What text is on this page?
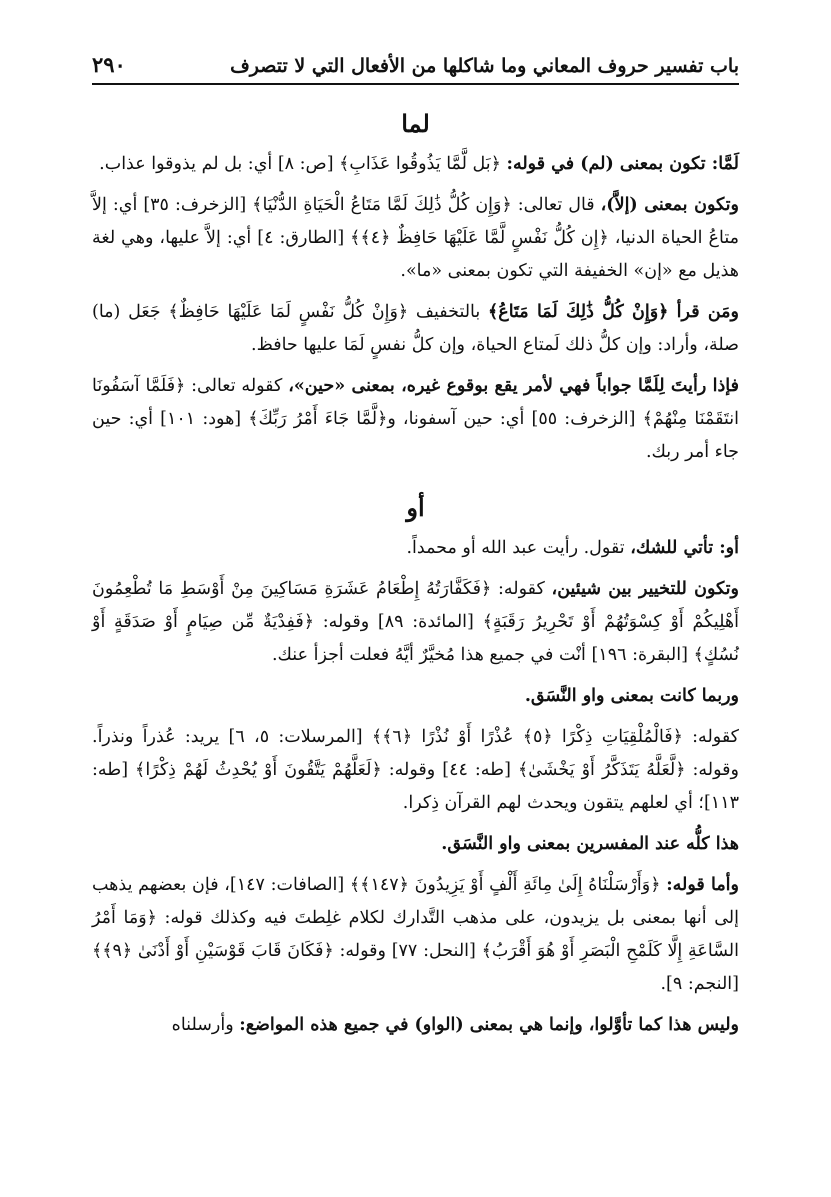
باب تفسير حروف المعاني وما شاكلها من الأفعال التي لا تتصرف
٢٩٠
لما

لَمَّا: تكون بمعنى (لم) في قوله: ﴿بَل لَّمَّا يَذُوقُوا عَذَابِ﴾ [ص: ٨] أي: بل لم يذوقوا عذاب.

وتكون بمعنى (إلاَّ)، قال تعالى: ﴿وَإِن كُلُّ ذَٰلِكَ لَمَّا مَتَاعُ الْحَيَاةِ الدُّنْيَا﴾ [الزخرف: ٣٥] أي: إلاَّ متاعُ الحياة الدنيا، ﴿إِن كُلُّ نَفْسٍ لَّمَّا عَلَيْهَا حَافِظٌ ﴿٤﴾﴾ [الطارق: ٤] أي: إلاَّ عليها، وهي لغة هذيل مع «إن» الخفيفة التي تكون بمعنى «ما».

ومَن قرأ ﴿وَإِنْ كُلُّ ذَٰلِكَ لَمَا مَتَاعُ﴾ بالتخفيف ﴿وَإِنْ كُلُّ نَفْسٍ لَمَا عَلَيْهَا حَافِظٌ﴾ جَعَل (ما) صلة، وأراد: وإن كلُّ ذلك لَمتاع الحياة، وإن كلُّ نفسٍ لَمَا عليها حافظ.

فإذا رأيتَ لِلَمَّا جواباً فهي لأمر يقع بوقوع غيره، بمعنى «حين»، كقوله تعالى: ﴿فَلَمَّا آسَفُونَا انتَقَمْنَا مِنْهُمْ﴾ [الزخرف: ٥٥] أي: حين آسفونا، و﴿لَّمَّا جَاءَ أَمْرُ رَبِّكَ﴾ [هود: ١٠١] أي: حين جاء أمر ربك.

أو

أو: تأتي للشك، تقول. رأيت عبد الله أو محمداً.

وتكون للتخيير بين شيئين، كقوله: ﴿فَكَفَّارَتُهُ إِطْعَامُ عَشَرَةِ مَسَاكِينَ مِنْ أَوْسَطِ مَا تُطْعِمُونَ أَهْلِيكُمْ أَوْ كِسْوَتُهُمْ أَوْ تَحْرِيرُ رَقَبَةٍ﴾ [المائدة: ٨٩] وقوله: ﴿فَفِدْيَةٌ مِّن صِيَامٍ أَوْ صَدَقَةٍ أَوْ نُسُكٍ﴾ [البقرة: ١٩٦] أنْت في جميع هذا مُخيَّرٌ أيَّهُ فعلت أجزأ عنك.

وربما كانت بمعنى واو النَّسَق.

كقوله: ﴿فَالْمُلْقِيَاتِ ذِكْرًا ﴿٥﴾ عُذْرًا أَوْ نُذْرًا ﴿٦﴾﴾ [المرسلات: ٥، ٦] يريد: عُذراً ونذراً. وقوله: ﴿لَّعَلَّهُ يَتَذَكَّرُ أَوْ يَخْشَىٰ﴾ [طه: ٤٤] وقوله: ﴿لَعَلَّهُمْ يَتَّقُونَ أَوْ يُحْدِثُ لَهُمْ ذِكْرًا﴾ [طه: ١١٣]؛ أي لعلهم يتقون ويحدث لهم القرآن ذِكرا.

هذا كلُّه عند المفسرين بمعنى واو النَّسَق.

وأما قوله: ﴿وَأَرْسَلْنَاهُ إِلَىٰ مِائَةِ أَلْفٍ أَوْ يَزِيدُونَ ﴿١٤٧﴾﴾ [الصافات: ١٤٧]، فإن بعضهم يذهب إلى أنها بمعنى بل يزيدون، على مذهب التَّدارك لكلام غلِطتَ فيه وكذلك قوله: ﴿وَمَا أَمْرُ السَّاعَةِ إِلَّا كَلَمْحِ الْبَصَرِ أَوْ هُوَ أَقْرَبُ﴾ [النحل: ٧٧] وقوله: ﴿فَكَانَ قَابَ قَوْسَيْنِ أَوْ أَدْنَىٰ ﴿٩﴾﴾ [النجم: ٩].

وليس هذا كما تأوَّلوا، وإنما هي بمعنى (الواو) في جميع هذه المواضع: وأرسلناه
